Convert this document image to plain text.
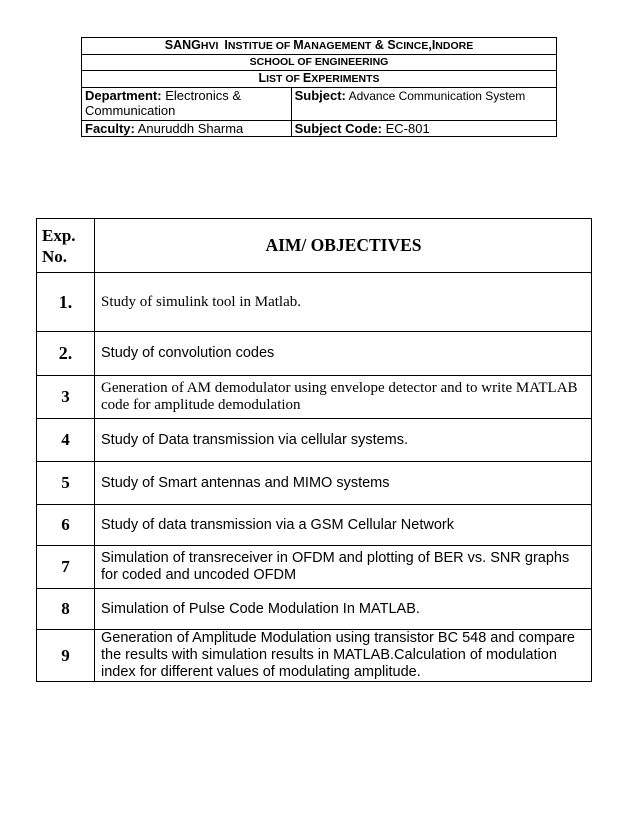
SANGHVI INSTITUE OF MANAGEMENT & SCINCE,INDORE	
SCHOOL OF ENGINEERING	
LIST OF EXPERIMENTS	
Department: Electronics & Communication	Subject: Advance Communication System
Faculty: Anuruddh Sharma	Subject Code: EC-801
Exp. No.	AIM/ OBJECTIVES
1.	Study of simulink tool in Matlab.
2.	Study of convolution codes
3	Generation of AM demodulator using envelope detector and to write MATLAB code for amplitude demodulation
4	Study of Data transmission via cellular systems.
5	Study of Smart antennas and MIMO systems
6	Study of data transmission via a GSM Cellular Network
7	Simulation of transreceiver in OFDM and plotting of BER vs. SNR graphs for coded and uncoded OFDM
8	Simulation of Pulse Code Modulation In MATLAB.
9	Generation of Amplitude Modulation using transistor BC 548 and compare the results with simulation results in MATLAB.Calculation of modulation index for different values of modulating amplitude.
